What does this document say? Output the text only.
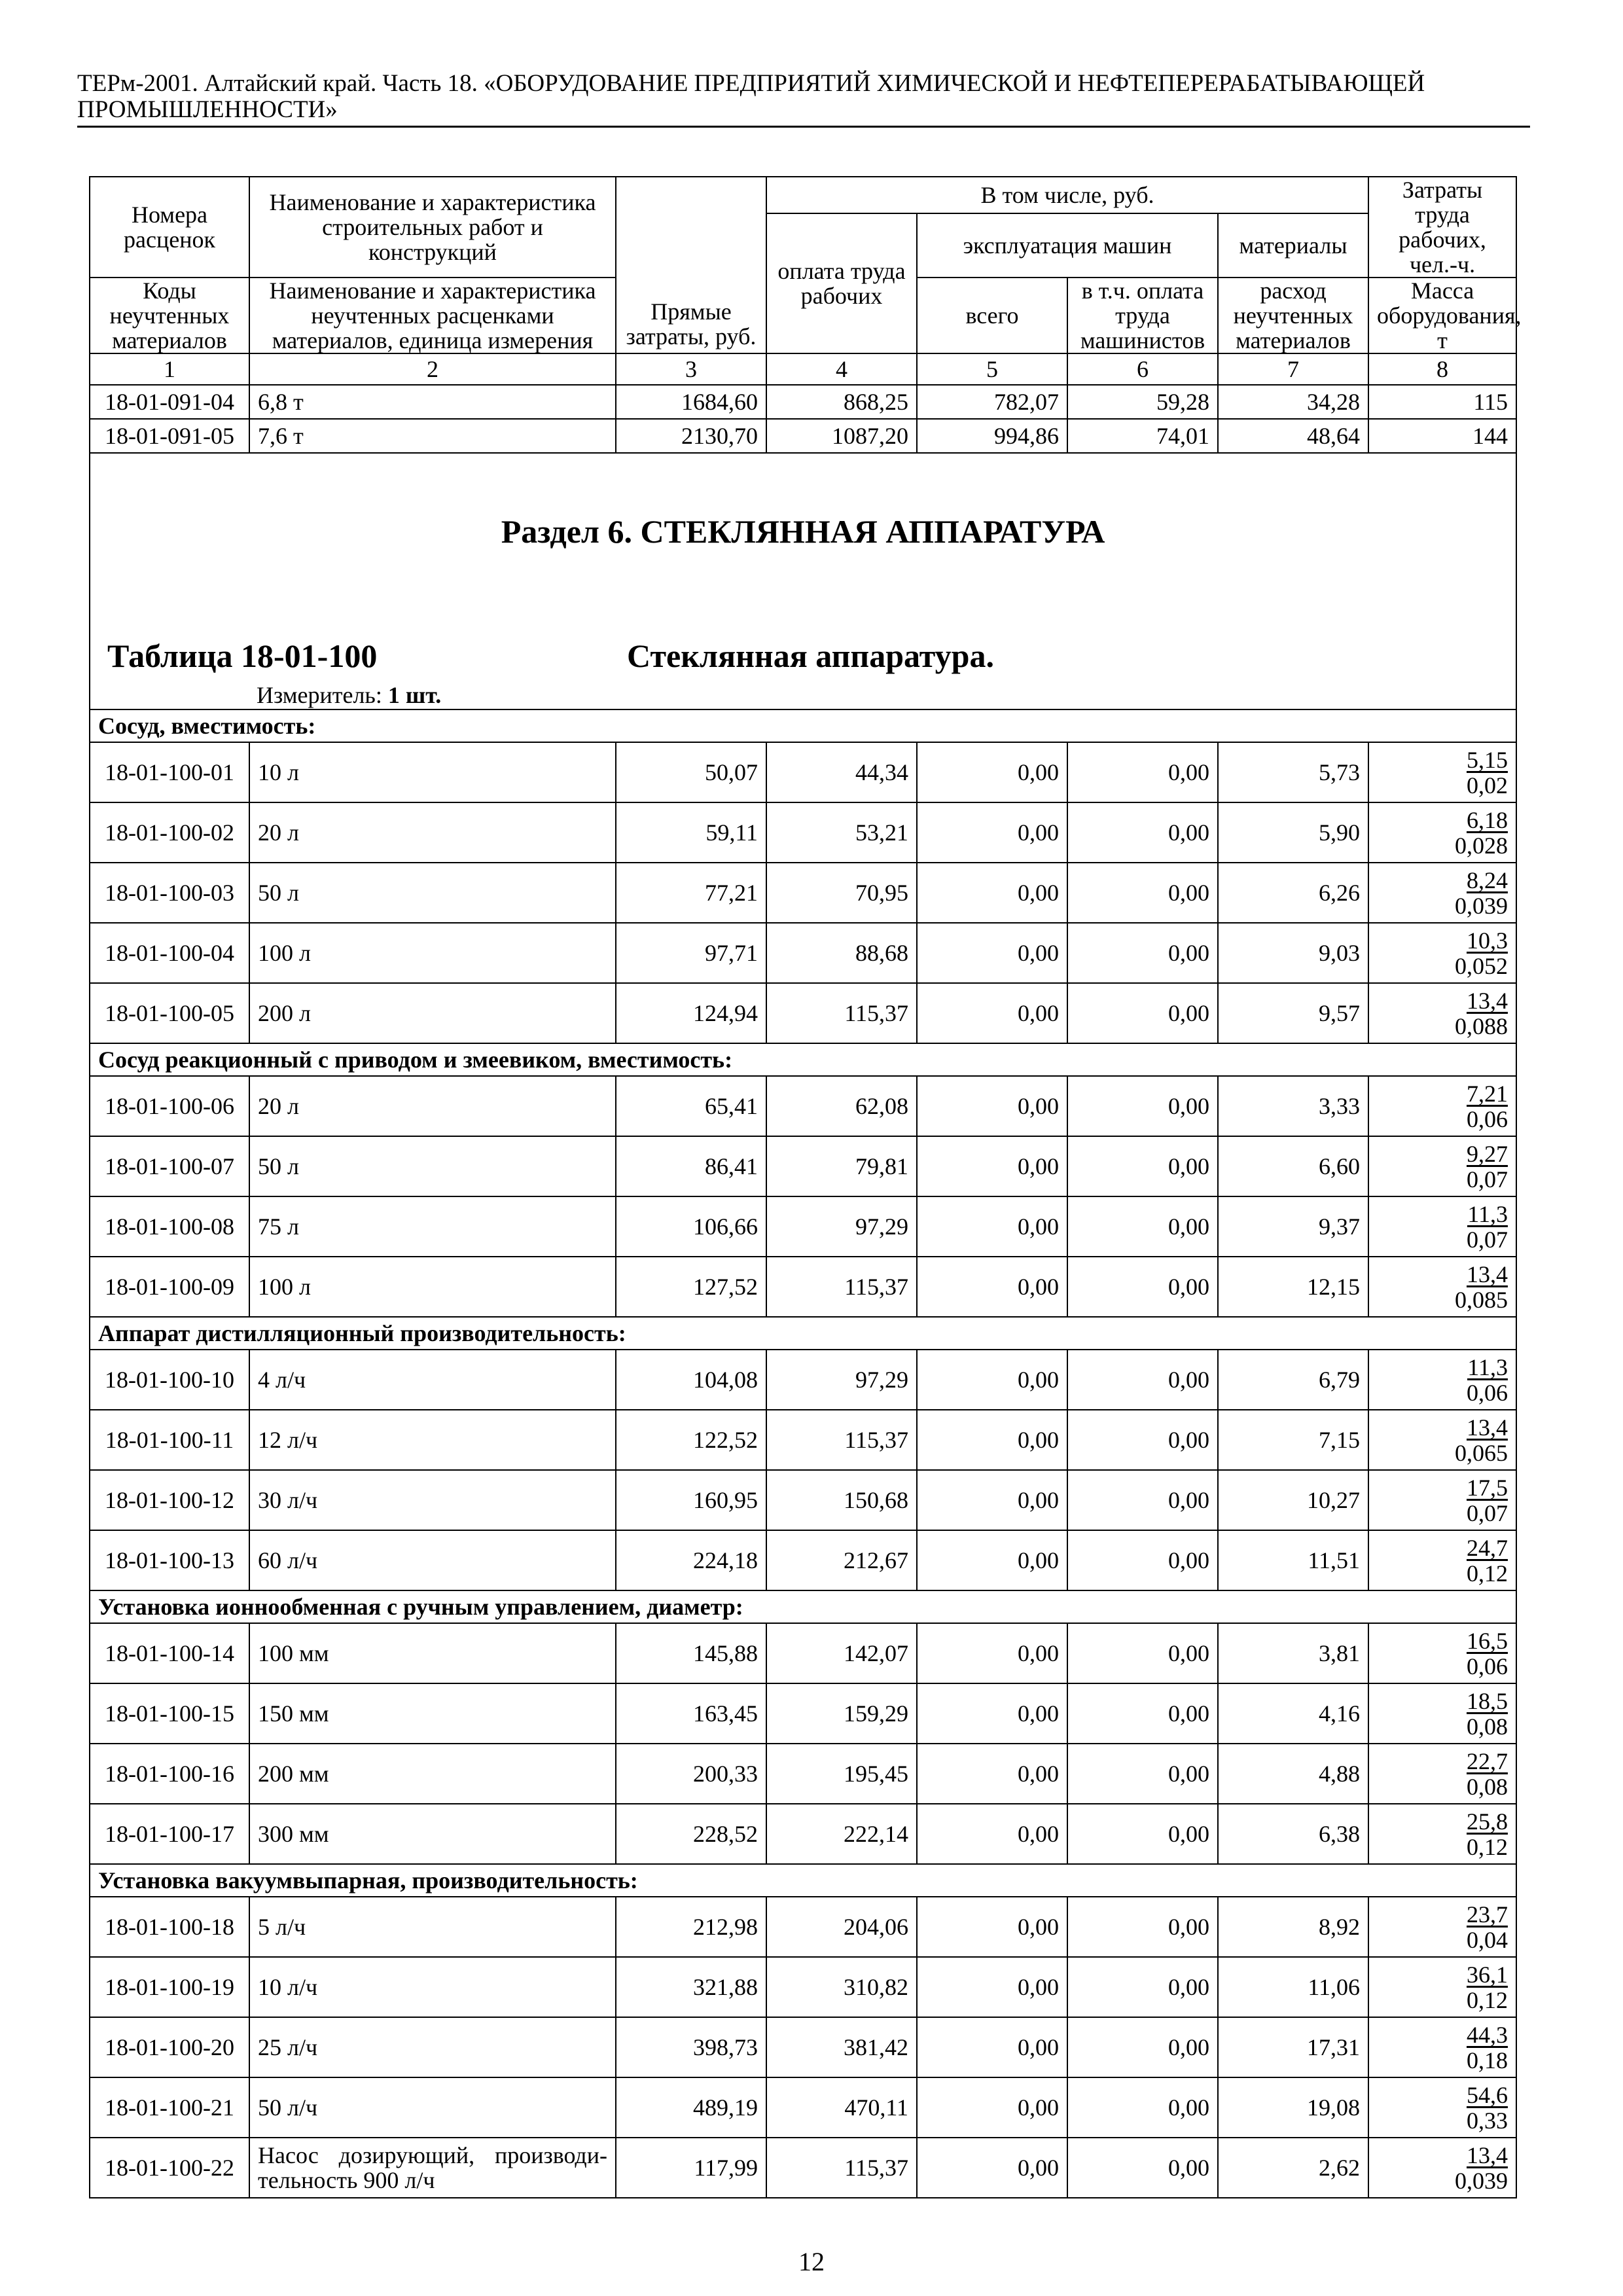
ТЕРм-2001. Алтайский край. Часть 18. «ОБОРУДОВАНИЕ ПРЕДПРИЯТИЙ ХИМИЧЕСКОЙ И НЕФТЕПЕРЕРАБАТЫВАЮЩЕЙ ПРОМЫШЛЕННОСТИ»
Номера расценок	Наименование и характеристика строительных работ и конструкций	Прямые затраты, руб.	В том числе, руб.				Затраты труда рабочих, чел.-ч.
			оплата труда рабочих	эксплуатация машин		материалы	
Коды неучтенных материалов	Наименование и характеристика неучтенных расценками материалов, единица измерения			всего	в т.ч. оплата труда машинистов	расход неучтенных материалов	Масса оборудования, т
1	2	3	4	5	6	7	8
18-01-091-04	6,8 т	1684,60	868,25	782,07	59,28	34,28	115
18-01-091-05	7,6 т	2130,70	1087,20	994,86	74,01	48,64	144

Раздел 6. СТЕКЛЯННАЯ АППАРАТУРА
Таблица 18-01-100 Стеклянная аппаратура.
Измеритель: 1 шт.							

Сосуд, вместимость:							
18-01-100-01	10 л	50,07	44,34	0,00	0,00	5,73	5,15
0,02
18-01-100-02	20 л	59,11	53,21	0,00	0,00	5,90	6,18
0,028
18-01-100-03	50 л	77,21	70,95	0,00	0,00	6,26	8,24
0,039
18-01-100-04	100 л	97,71	88,68	0,00	0,00	9,03	10,3
0,052
18-01-100-05	200 л	124,94	115,37	0,00	0,00	9,57	13,4
0,088
Сосуд реакционный с приводом и змеевиком, вместимость:							
18-01-100-06	20 л	65,41	62,08	0,00	0,00	3,33	7,21
0,06
18-01-100-07	50 л	86,41	79,81	0,00	0,00	6,60	9,27
0,07
18-01-100-08	75 л	106,66	97,29	0,00	0,00	9,37	11,3
0,07
18-01-100-09	100 л	127,52	115,37	0,00	0,00	12,15	13,4
0,085
Аппарат дистилляционный производительность:							
18-01-100-10	4 л/ч	104,08	97,29	0,00	0,00	6,79	11,3
0,06
18-01-100-11	12 л/ч	122,52	115,37	0,00	0,00	7,15	13,4
0,065
18-01-100-12	30 л/ч	160,95	150,68	0,00	0,00	10,27	17,5
0,07
18-01-100-13	60 л/ч	224,18	212,67	0,00	0,00	11,51	24,7
0,12
Установка ионнообменная с ручным управлением, диаметр:							
18-01-100-14	100 мм	145,88	142,07	0,00	0,00	3,81	16,5
0,06
18-01-100-15	150 мм	163,45	159,29	0,00	0,00	4,16	18,5
0,08
18-01-100-16	200 мм	200,33	195,45	0,00	0,00	4,88	22,7
0,08
18-01-100-17	300 мм	228,52	222,14	0,00	0,00	6,38	25,8
0,12
Установка вакуумвыпарная, производительность:							
18-01-100-18	5 л/ч	212,98	204,06	0,00	0,00	8,92	23,7
0,04
18-01-100-19	10 л/ч	321,88	310,82	0,00	0,00	11,06	36,1
0,12
18-01-100-20	25 л/ч	398,73	381,42	0,00	0,00	17,31	44,3
0,18
18-01-100-21	50 л/ч	489,19	470,11	0,00	0,00	19,08	54,6
0,33
18-01-100-22	Насос дозирующий, производи-тельность 900 л/ч	117,99	115,37	0,00	0,00	2,62	13,4
0,039
12
